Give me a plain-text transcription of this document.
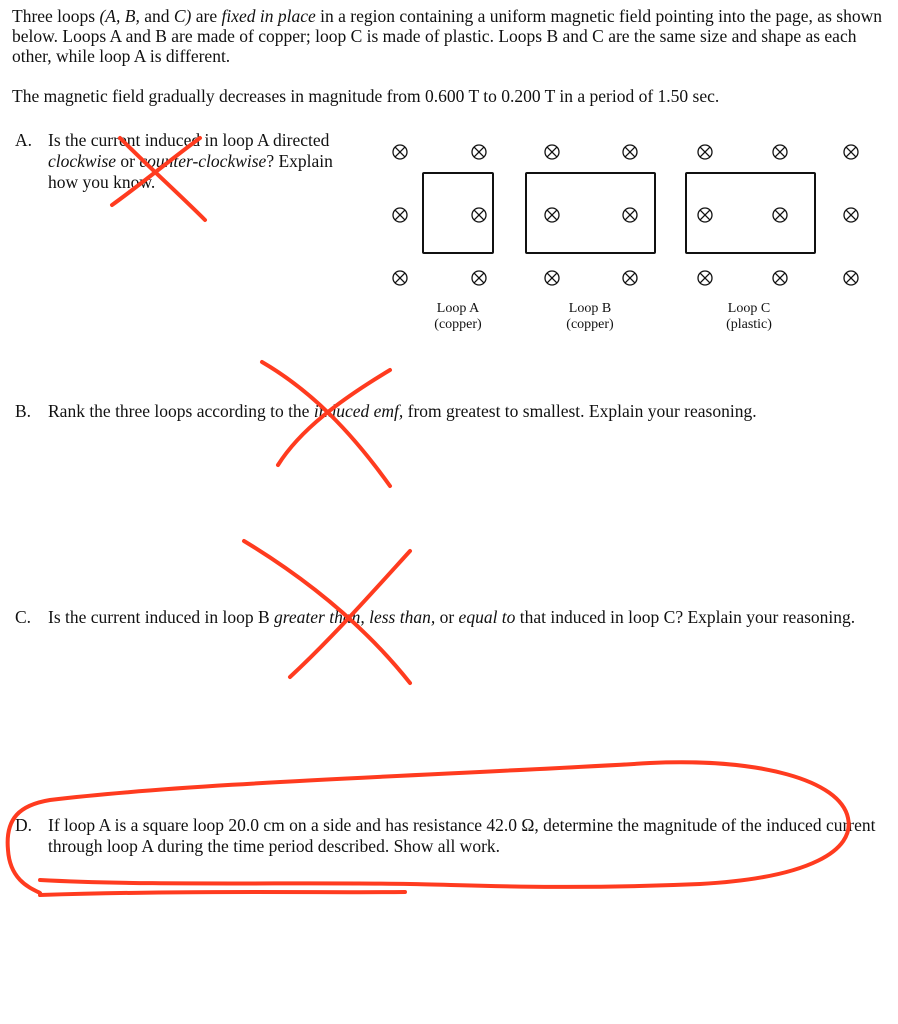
Three loops (A, B, and C) are fixed in place in a region containing a uniform magnetic field pointing into the page, as shown below. Loops A and B are made of copper; loop C is made of plastic. Loops B and C are the same size and shape as each other, while loop A is different.

The magnetic field gradually decreases in magnitude from 0.600 T to 0.200 T in a period of 1.50 sec.

A. Is the current induced in loop A directed clockwise or counter-clockwise? Explain how you know.
Loop A
(copper)
Loop B
(copper)
Loop C
(plastic)
B. Rank the three loops according to the induced emf, from greatest to smallest. Explain your reasoning.
C. Is the current induced in loop B greater than, less than, or equal to that induced in loop C? Explain your reasoning.
D. If loop A is a square loop 20.0 cm on a side and has resistance 42.0 Ω, determine the magnitude of the induced current through loop A during the time period described. Show all work.
